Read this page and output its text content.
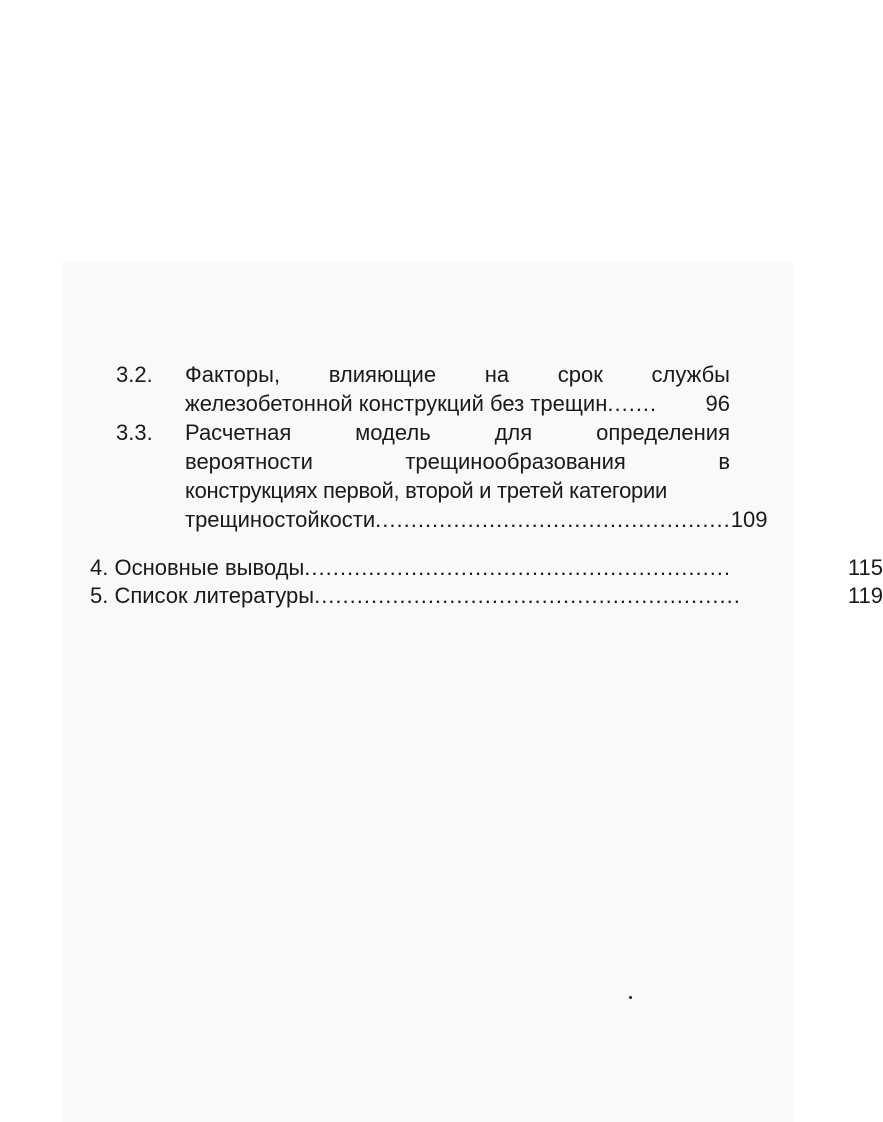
3.2.	Факторы, влияющие на срок службы
железобетонной конструкций без трещин .......	96
3.3.	Расчетная модель для определения
вероятности трещинообразования в
конструкциях первой, второй и третей категории
трещиностойкости .................................................. 109
4. Основные выводы ............................................................	115
5. Список литературы ............................................................	119
